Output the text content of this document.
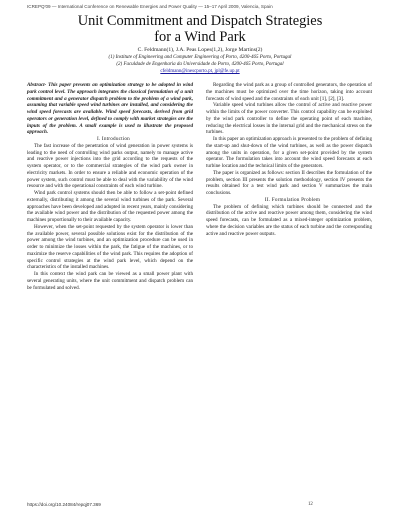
ICREPQ'09 — International Conference on Renewable Energies and Power Quality — 15–17 April 2009, Valencia, Spain
Unit Commitment and Dispatch Strategies
for a Wind Park
C. Feldmann(1), J.A. Peas Lopes(1,2), Jorge Martins(2)
(1) Institute of Engineering and Computer Engineering of Porto, 4200-465 Porto, Portugal
(2) Faculdade de Engenharia da Universidade do Porto, 4200-465 Porto, Portugal
cfeldmann@inescporto.pt, jpl@fe.up.pt

Abstract- This paper presents an optimization strategy to be adopted in wind park control level. The approach integrates the classical formulation of a unit commitment and a generator dispatch problem to the problem of a wind park, assuming that variable speed wind turbines are installed, and considering the wind speed forecasts are available. Wind speed forecasts, derived from grid operators or generation level, defined to comply with market strategies are the inputs of the problem. A small example is used to illustrate the proposed approach.

I. Introduction

The fast increase of the penetration of wind generation in power systems is leading to the need of controlling wind parks output, namely to manage active and reactive power injections into the grid according to the requests of the system operator, or to the commercial strategies of the wind park owner in electricity markets. In order to ensure a reliable and economic operation of the power system, such control must be able to deal with the variability of the wind resource and with the operational constraints of each wind turbine.

Wind park control systems should then be able to follow a set-point defined externally, distributing it among the several wind turbines of the park. Several approaches have been developed and adopted in recent years, mainly considering the available wind power and the distribution of the requested power among the machines proportionally to their available capacity.

However, when the set-point requested by the system operator is lower than the available power, several possible solutions exist for the distribution of the power among the wind turbines, and an optimization procedure can be used in order to minimize the losses within the park, the fatigue of the machines, or to maximize the reserve capabilities of the wind park. This requires the adoption of specific control strategies at the wind park level, which depend on the characteristics of the installed machines.

In this context the wind park can be viewed as a small power plant with several generating units, where the unit commitment and dispatch problem can be formulated and solved.

Regarding the wind park as a group of controlled generators, the operation of the machines must be optimized over the time horizon, taking into account forecasts of wind speed and the constraints of each unit [1], [2], [3].

Variable speed wind turbines allow the control of active and reactive power within the limits of the power converter. This control capability can be exploited by the wind park controller to define the operating point of each machine, reducing the electrical losses in the internal grid and the mechanical stress on the turbines.

In this paper an optimization approach is presented to the problem of defining the start-up and shut-down of the wind turbines, as well as the power dispatch among the units in operation, for a given set-point provided by the system operator. The formulation takes into account the wind speed forecasts at each turbine location and the technical limits of the generators.

The paper is organized as follows: section II describes the formulation of the problem, section III presents the solution methodology, section IV presents the results obtained for a test wind park and section V summarizes the main conclusions.

II. Formulation Problem

The problem of defining which turbines should be connected and the distribution of the active and reactive power among them, considering the wind speed forecasts, can be formulated as a mixed-integer optimization problem, where the decision variables are the status of each turbine and the corresponding active and reactive power outputs.

https://doi.org/10.24084/repqj07.369	12
